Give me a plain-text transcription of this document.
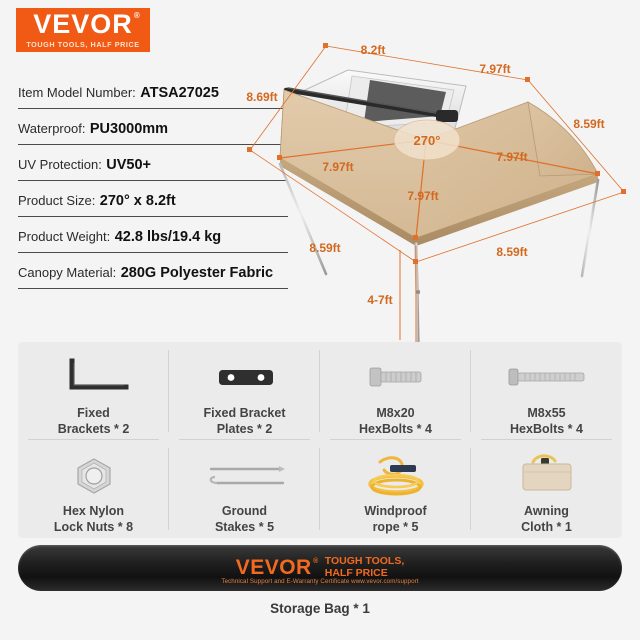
VEVOR ®
TOUGH TOOLS, HALF PRICE
Item Model Number: ATSA27025
Waterproof: PU3000mm
UV Protection: UV50+
Product Size: 270° x 8.2ft
Product Weight: 42.8 lbs/19.4 kg
Canopy Material: 280G Polyester Fabric
8.2ft
8.69ft
7.97ft
8.59ft
7.97ft
7.97ft
7.97ft
8.59ft	8.59ft
4-7ft
270°
Fixed
Brackets * 2
Fixed Bracket
Plates * 2
M8x20
HexBolts * 4
M8x55
HexBolts * 4
Hex Nylon
Lock Nuts * 8
Ground
Stakes * 5
Windproof
rope * 5
Awning
Cloth * 1
VEVOR ® TOUGH TOOLS,
HALF PRICE
Technical Support and E-Warranty Certificate www.vevor.com/support
Storage Bag * 1
